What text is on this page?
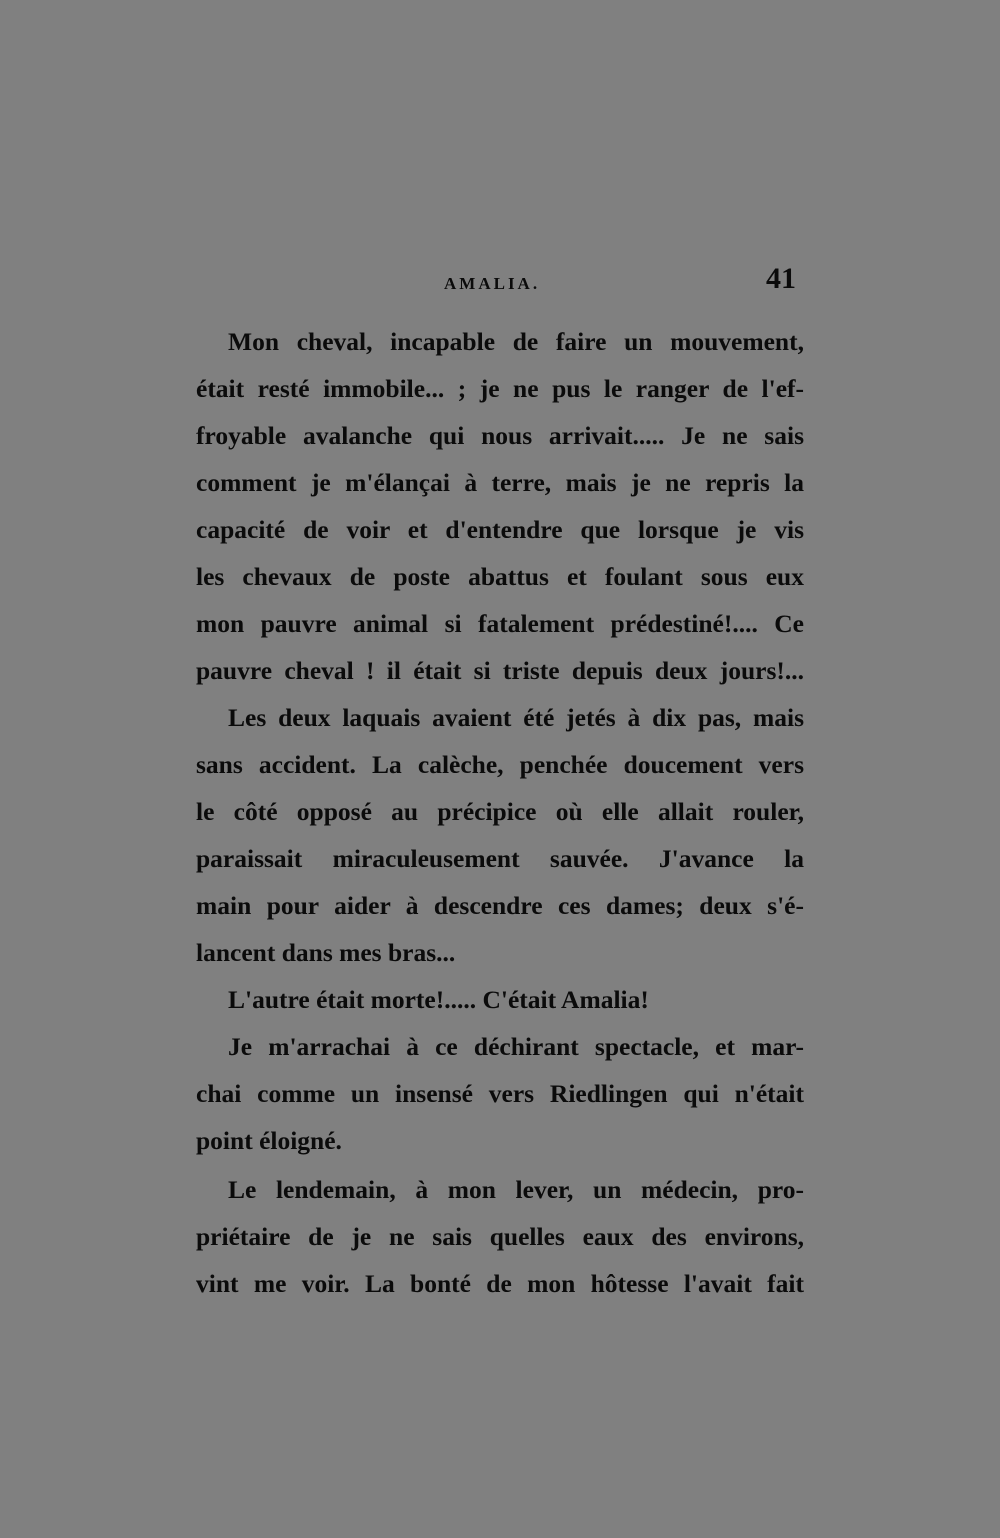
AMALIA.	41
Mon cheval, incapable de faire un mouvement,
était resté immobile... ; je ne pus le ranger de l'ef-
froyable avalanche qui nous arrivait..... Je ne sais
comment je m'élançai à terre, mais je ne repris la
capacité de voir et d'entendre que lorsque je vis
les chevaux de poste abattus et foulant sous eux
mon pauvre animal si fatalement prédestiné!.... Ce
pauvre cheval ! il était si triste depuis deux jours!...
Les deux laquais avaient été jetés à dix pas, mais
sans accident. La calèche, penchée doucement vers
le côté opposé au précipice où elle allait rouler,
paraissait miraculeusement sauvée. J'avance la
main pour aider à descendre ces dames; deux s'é-
lancent dans mes bras...
L'autre était morte!..... C'était Amalia!
Je m'arrachai à ce déchirant spectacle, et mar-
chai comme un insensé vers Riedlingen qui n'était
point éloigné.
Le lendemain, à mon lever, un médecin, pro-
priétaire de je ne sais quelles eaux des environs,
vint me voir. La bonté de mon hôtesse l'avait fait
